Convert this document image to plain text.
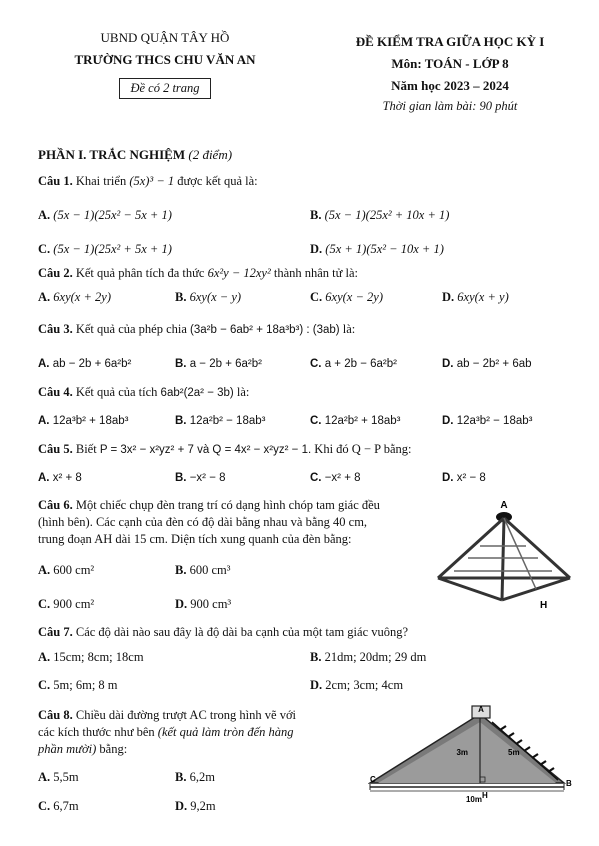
UBND QUẬN TÂY HỒ
TRƯỜNG THCS CHU VĂN AN
Đề có 2 trang
ĐỀ KIỂM TRA GIỮA HỌC KỲ I
Môn: TOÁN - LỚP 8
Năm học 2023 – 2024
Thời gian làm bài: 90 phút
PHẦN I. TRẮC NGHIỆM (2 điểm)
Câu 1. Khai triển (5x)³ − 1 được kết quả là:
A. (5x − 1)(25x² − 5x + 1)	B. (5x − 1)(25x² + 10x + 1)
C. (5x − 1)(25x² + 5x + 1)	D. (5x + 1)(5x² − 10x + 1)
Câu 2. Kết quả phân tích đa thức 6x²y − 12xy² thành nhân tử là:
A. 6xy(x + 2y)	B. 6xy(x − y)	C. 6xy(x − 2y)	D. 6xy(x + y)
Câu 3. Kết quả của phép chia (3a²b − 6ab² + 18a³b³) : (3ab) là:
A. ab − 2b + 6a²b²	B. a − 2b + 6a²b²	C. a + 2b − 6a²b²	D. ab − 2b² + 6ab
Câu 4. Kết quả của tích 6ab²(2a² − 3b) là:
A. 12a³b² + 18ab³	B. 12a²b² − 18ab³	C. 12a²b² + 18ab³	D. 12a³b² − 18ab³
Câu 5. Biết P = 3x² − x²yz² + 7 và Q = 4x² − x²yz² − 1. Khi đó Q − P bằng:
A. x² + 8	B. −x² − 8	C. −x² + 8	D. x² − 8
Câu 6. Một chiếc chụp đèn trang trí có dạng hình chóp tam giác đều
(hình bên). Các cạnh của đèn có độ dài bằng nhau và bằng 40 cm,
trung đoạn AH dài 15 cm. Diện tích xung quanh của đèn bằng:
A. 600 cm²	B. 600 cm³
C. 900 cm²	D. 900 cm³
A
H
Câu 7. Các độ dài nào sau đây là độ dài ba cạnh của một tam giác vuông?
A. 15cm; 8cm; 18cm	B. 21dm; 20dm; 29 dm
C. 5m; 6m; 8 m	D. 2cm; 3cm; 4cm
Câu 8. Chiều dài đường trượt AC trong hình vẽ với
các kích thước như bên (kết quả làm tròn đến hàng
phần mười) bằng:
A. 5,5m	B. 6,2m
C. 6,7m	D. 9,2m
A
C
H
B
3m	5m
10m
